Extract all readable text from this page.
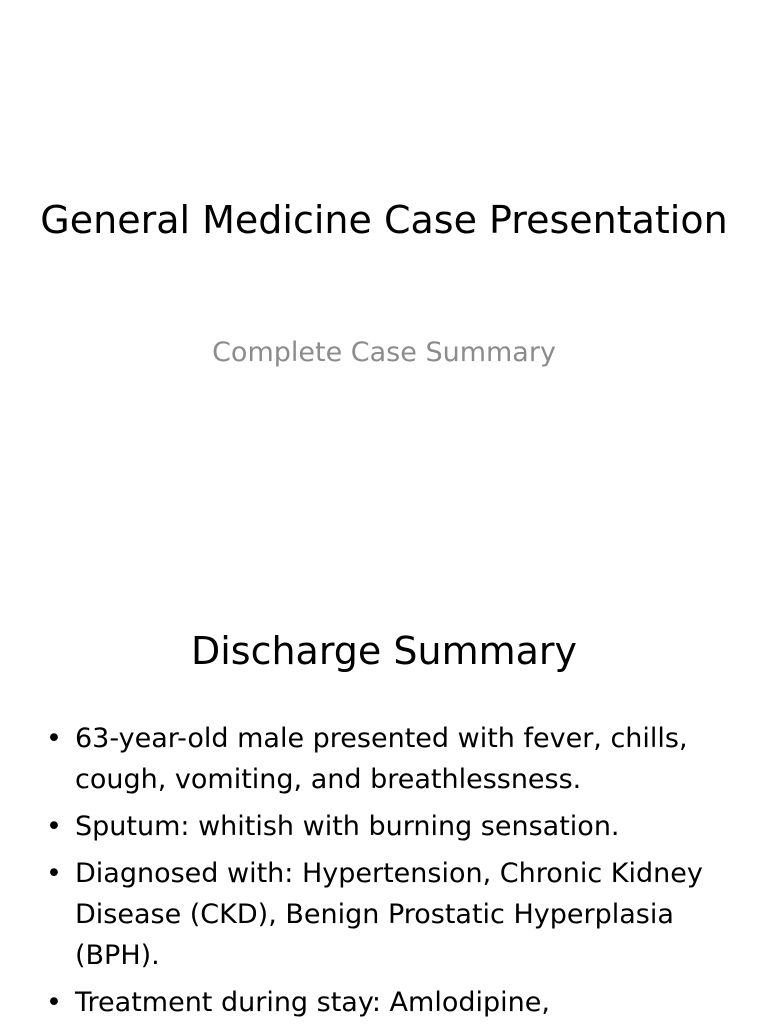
General Medicine Case Presentation
Complete Case Summary
Discharge Summary
• 63-year-old male presented with fever, chills, cough, vomiting, and breathlessness.
• Sputum: whitish with burning sensation.
• Diagnosed with: Hypertension, Chronic Kidney Disease (CKD), Benign Prostatic Hyperplasia (BPH).
• Treatment during stay: Amlodipine,
